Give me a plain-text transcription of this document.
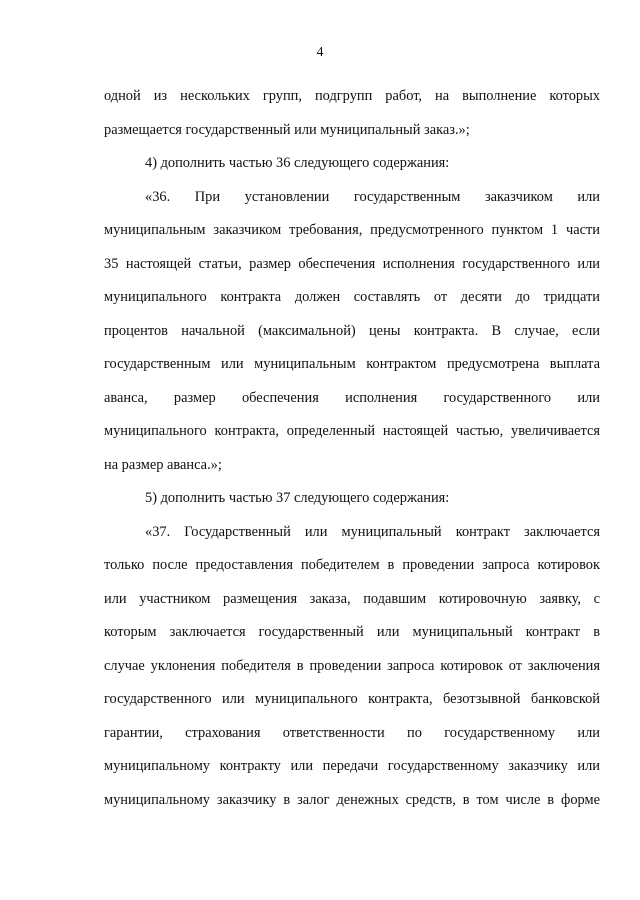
4
одной из нескольких групп, подгрупп работ, на выполнение которых
размещается государственный или муниципальный заказ.»;
4) дополнить частью 36 следующего содержания:
«36. При установлении государственным заказчиком или
муниципальным заказчиком требования, предусмотренного пунктом 1 части
35 настоящей статьи, размер обеспечения исполнения государственного или
муниципального контракта должен составлять от десяти до тридцати
процентов начальной (максимальной) цены контракта. В случае, если
государственным или муниципальным контрактом предусмотрена выплата
аванса, размер обеспечения исполнения государственного или
муниципального контракта, определенный настоящей частью, увеличивается
на размер аванса.»;
5) дополнить частью 37 следующего содержания:
«37. Государственный или муниципальный контракт заключается
только после предоставления победителем в проведении запроса котировок
или участником размещения заказа, подавшим котировочную заявку, с
которым заключается государственный или муниципальный контракт в
случае уклонения победителя в проведении запроса котировок от заключения
государственного или муниципального контракта, безотзывной банковской
гарантии, страхования ответственности по государственному или
муниципальному контракту или передачи государственному заказчику или
муниципальному заказчику в залог денежных средств, в том числе в форме
